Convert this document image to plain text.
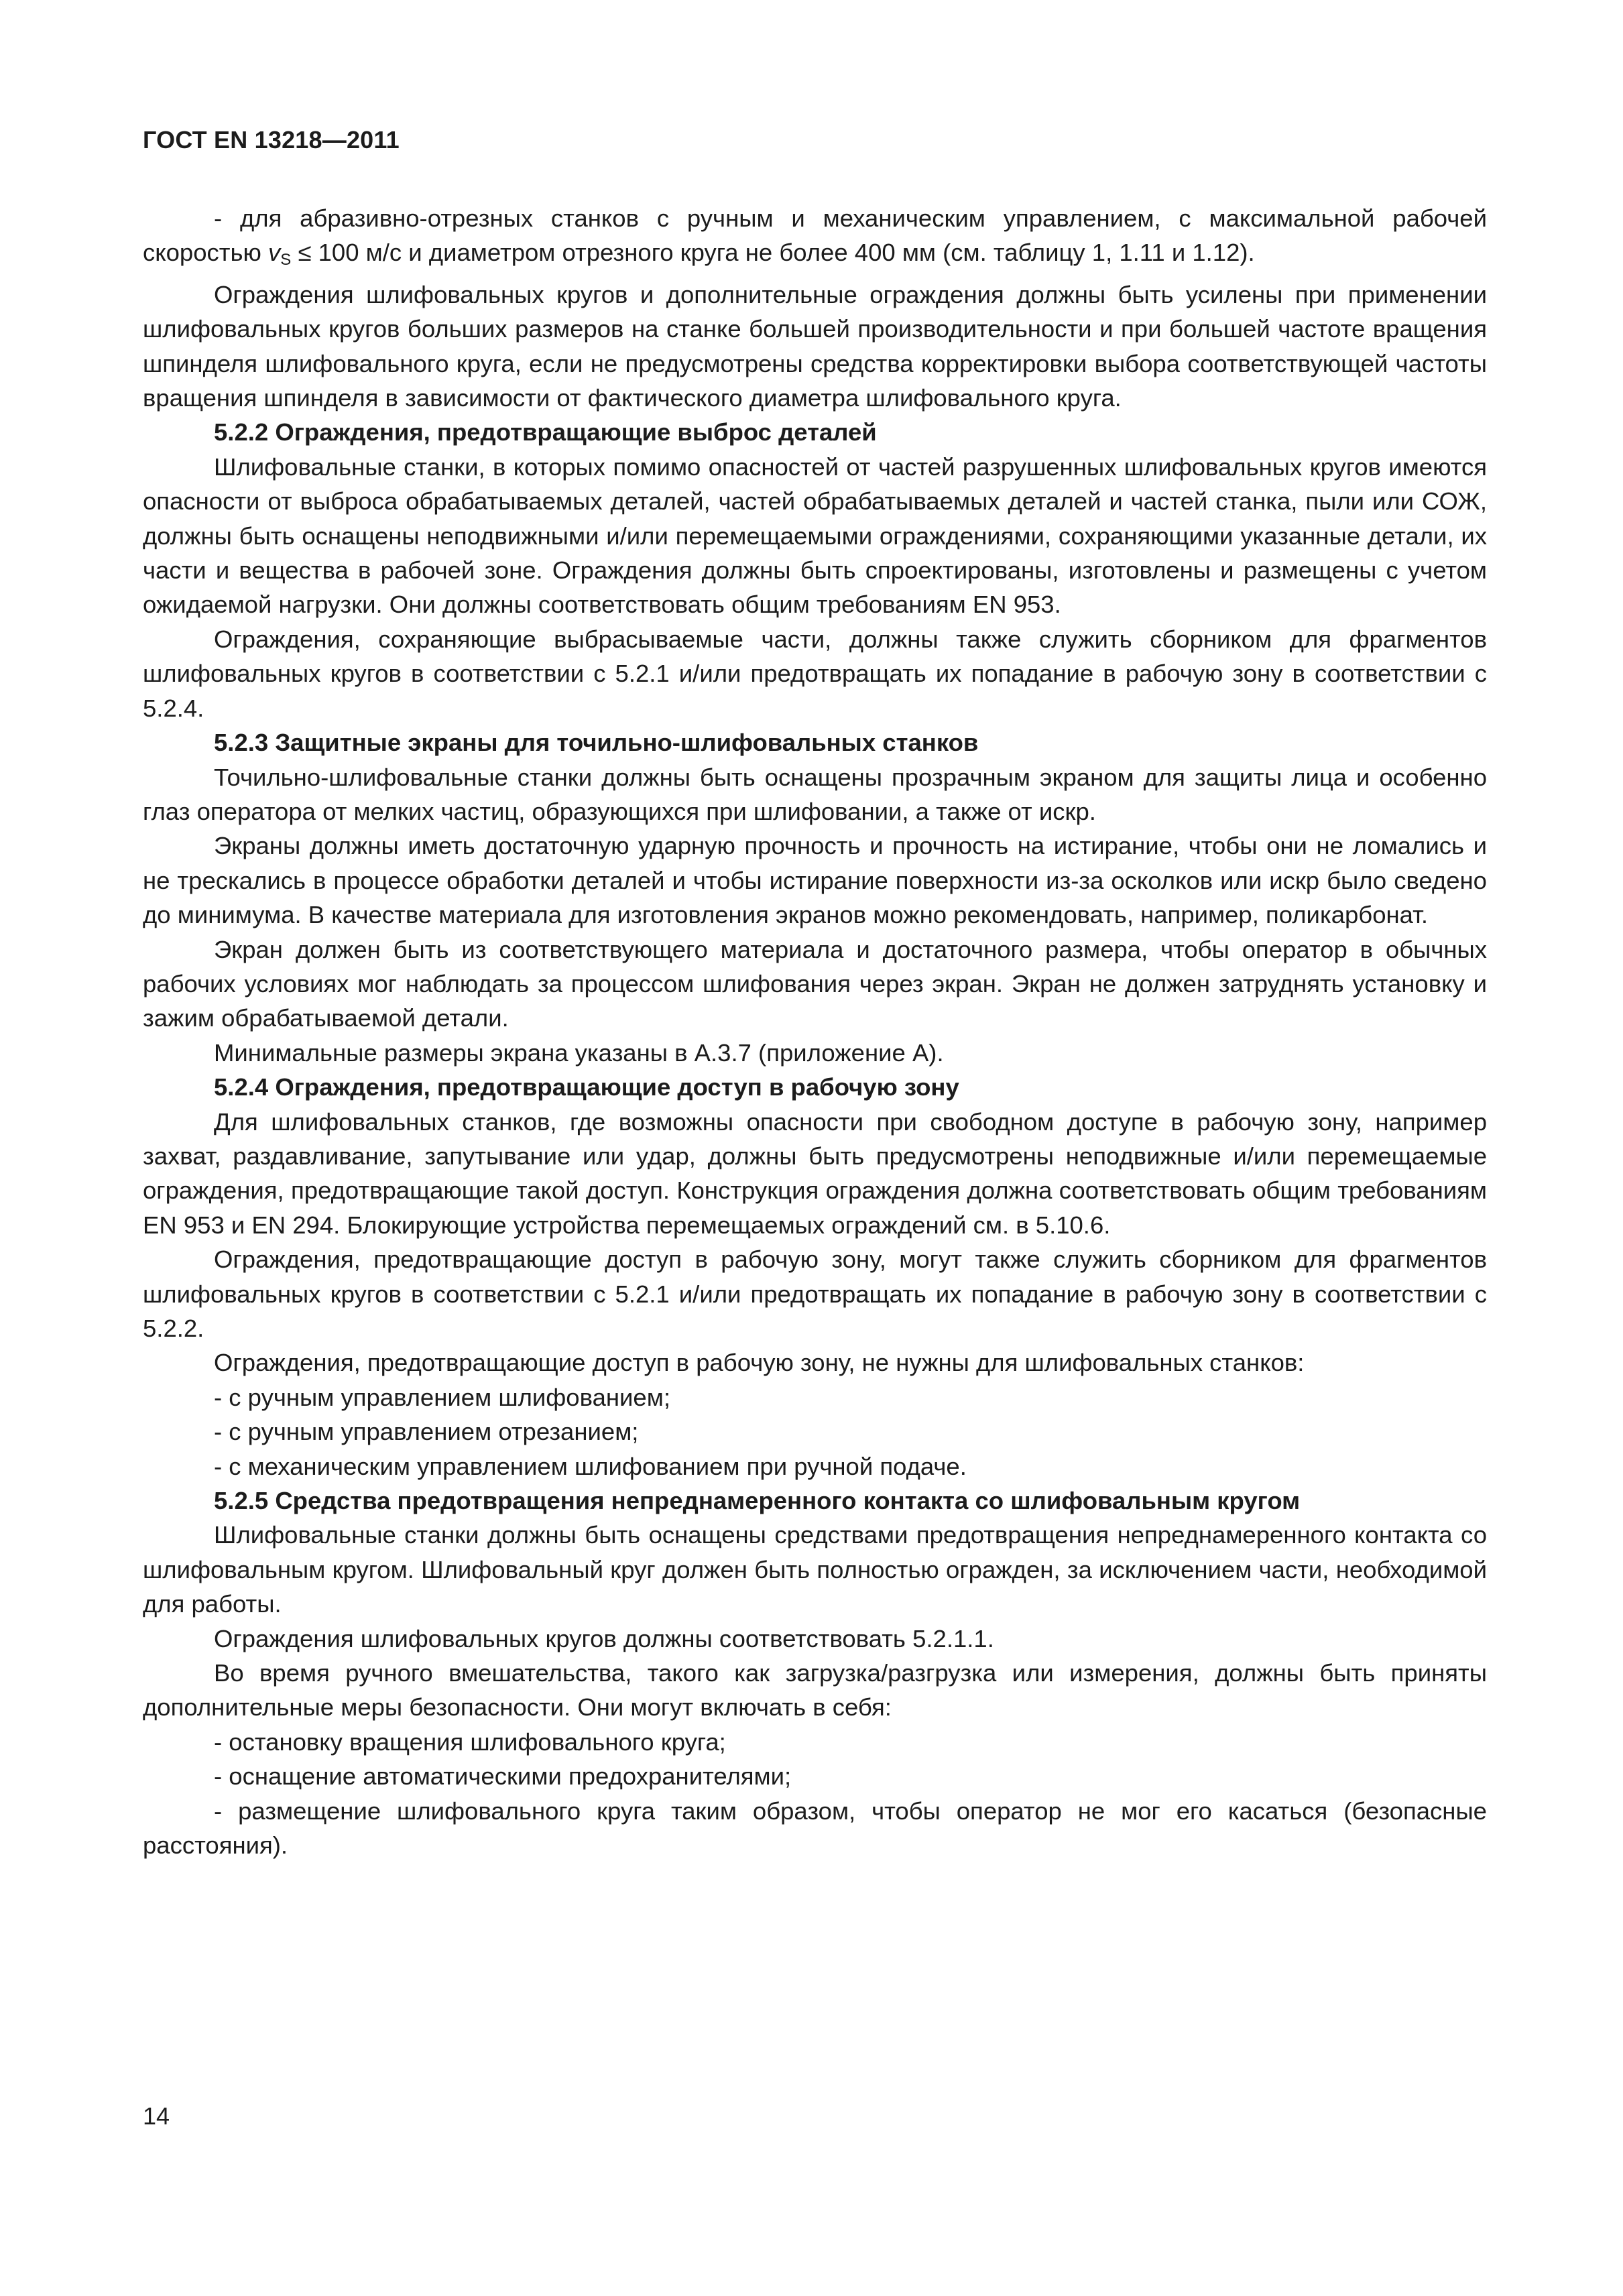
ГОСТ EN 13218—2011

- для абразивно-отрезных станков с ручным и механическим управлением, с максимальной рабочей скоростью $v_S \le 100$ м/с и диаметром отрезного круга не более 400 мм (см. таблицу 1, 1.11 и 1.12).

Ограждения шлифовальных кругов и дополнительные ограждения должны быть усилены при применении шлифовальных кругов больших размеров на станке большей производительности и при большей частоте вращения шпинделя шлифовального круга, если не предусмотрены средства корректировки выбора соответствующей частоты вращения шпинделя в зависимости от фактического диаметра шлифовального круга.

5.2.2 Ограждения, предотвращающие выброс деталей

Шлифовальные станки, в которых помимо опасностей от частей разрушенных шлифовальных кругов имеются опасности от выброса обрабатываемых деталей, частей обрабатываемых деталей и частей станка, пыли или СОЖ, должны быть оснащены неподвижными и/или перемещаемыми ограждениями, сохраняющими указанные детали, их части и вещества в рабочей зоне. Ограждения должны быть спроектированы, изготовлены и размещены с учетом ожидаемой нагрузки. Они должны соответствовать общим требованиям EN 953.

Ограждения, сохраняющие выбрасываемые части, должны также служить сборником для фрагментов шлифовальных кругов в соответствии с 5.2.1 и/или предотвращать их попадание в рабочую зону в соответствии с 5.2.4.

5.2.3 Защитные экраны для точильно-шлифовальных станков

Точильно-шлифовальные станки должны быть оснащены прозрачным экраном для защиты лица и особенно глаз оператора от мелких частиц, образующихся при шлифовании, а также от искр.

Экраны должны иметь достаточную ударную прочность и прочность на истирание, чтобы они не ломались и не трескались в процессе обработки деталей и чтобы истирание поверхности из-за осколков или искр было сведено до минимума. В качестве материала для изготовления экранов можно рекомендовать, например, поликарбонат.

Экран должен быть из соответствующего материала и достаточного размера, чтобы оператор в обычных рабочих условиях мог наблюдать за процессом шлифования через экран. Экран не должен затруднять установку и зажим обрабатываемой детали.

Минимальные размеры экрана указаны в А.3.7 (приложение А).

5.2.4 Ограждения, предотвращающие доступ в рабочую зону

Для шлифовальных станков, где возможны опасности при свободном доступе в рабочую зону, например захват, раздавливание, запутывание или удар, должны быть предусмотрены неподвижные и/или перемещаемые ограждения, предотвращающие такой доступ. Конструкция ограждения должна соответствовать общим требованиям EN 953 и EN 294. Блокирующие устройства перемещаемых ограждений см. в 5.10.6.

Ограждения, предотвращающие доступ в рабочую зону, могут также служить сборником для фрагментов шлифовальных кругов в соответствии с 5.2.1 и/или предотвращать их попадание в рабочую зону в соответствии с 5.2.2.

Ограждения, предотвращающие доступ в рабочую зону, не нужны для шлифовальных станков:

- с ручным управлением шлифованием;

- с ручным управлением отрезанием;

- с механическим управлением шлифованием при ручной подаче.

5.2.5 Средства предотвращения непреднамеренного контакта со шлифовальным кругом

Шлифовальные станки должны быть оснащены средствами предотвращения непреднамеренного контакта со шлифовальным кругом. Шлифовальный круг должен быть полностью огражден, за исключением части, необходимой для работы.

Ограждения шлифовальных кругов должны соответствовать 5.2.1.1.

Во время ручного вмешательства, такого как загрузка/разгрузка или измерения, должны быть приняты дополнительные меры безопасности. Они могут включать в себя:

- остановку вращения шлифовального круга;

- оснащение автоматическими предохранителями;

- размещение шлифовального круга таким образом, чтобы оператор не мог его касаться (безопасные расстояния).

14
